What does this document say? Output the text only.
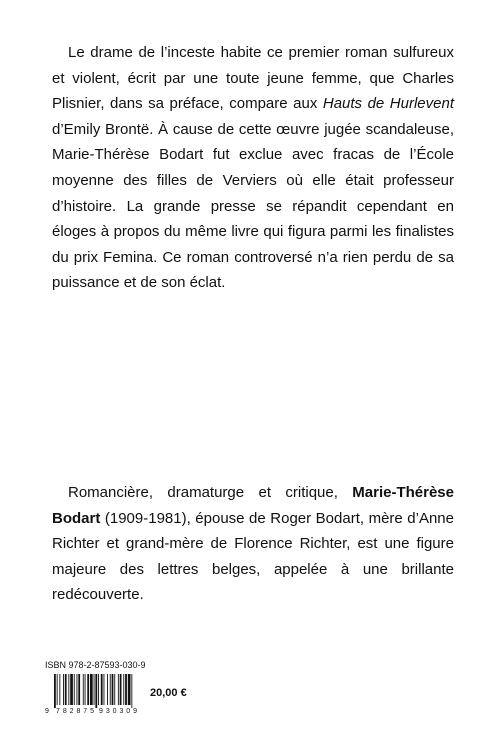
Le drame de l’inceste habite ce premier roman sulfureux et violent, écrit par une toute jeune femme, que Charles Plisnier, dans sa préface, compare aux Hauts de Hurlevent d’Emily Brontë. À cause de cette œuvre jugée scandaleuse, Marie-Thérèse Bodart fut exclue avec fracas de l’École moyenne des filles de Verviers où elle était professeur d’histoire. La grande presse se répandit cependant en éloges à propos du même livre qui figura parmi les finalistes du prix Femina. Ce roman controversé n’a rien perdu de sa puissance et de son éclat.

Romancière, dramaturge et critique, Marie-Thérèse Bodart (1909-1981), épouse de Roger Bodart, mère d’Anne Richter et grand-mère de Florence Richter, est une figure majeure des lettres belges, appelée à une brillante redécouverte.

ISBN 978-2-87593-030-9
9 782875 930309
20,00 €
